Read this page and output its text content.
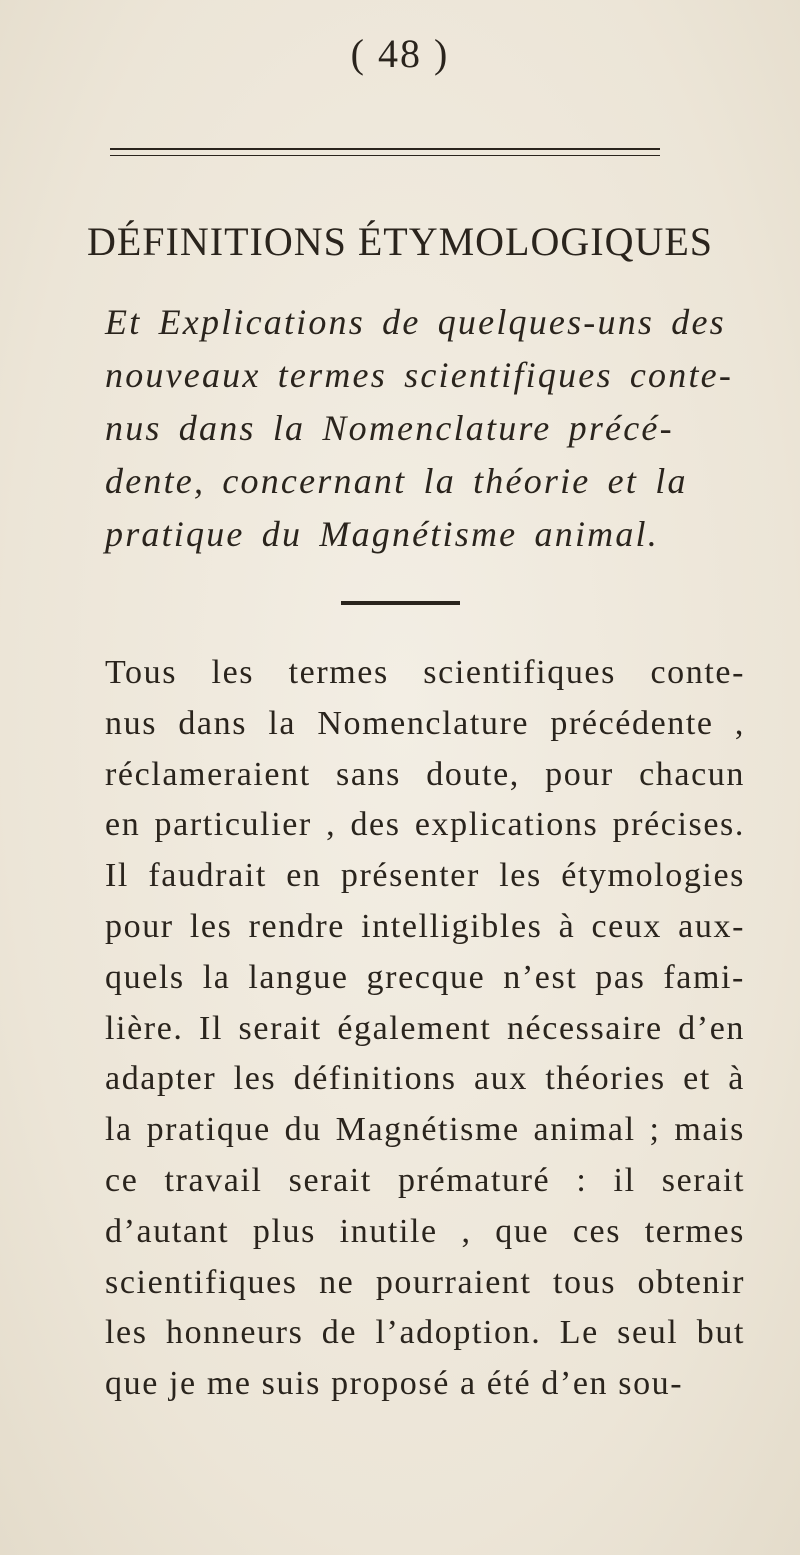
( 48 )
DÉFINITIONS ÉTYMOLOGIQUES
Et Explications de quelques-uns des
nouveaux termes scientifiques conte-
nus dans la Nomenclature précé-
dente, concernant la théorie et la
pratique du Magnétisme animal.
Tous les termes scientifiques conte-
nus dans la Nomenclature précédente ,
réclameraient sans doute, pour chacun
en particulier , des explications précises.
Il faudrait en présenter les étymologies
pour les rendre intelligibles à ceux aux-
quels la langue grecque n’est pas fami-
lière. Il serait également nécessaire d’en
adapter les définitions aux théories et à
la pratique du Magnétisme animal ; mais
ce travail serait prématuré : il serait
d’autant plus inutile , que ces termes
scientifiques ne pourraient tous obtenir
les honneurs de l’adoption. Le seul but
que je me suis proposé a été d’en sou-
